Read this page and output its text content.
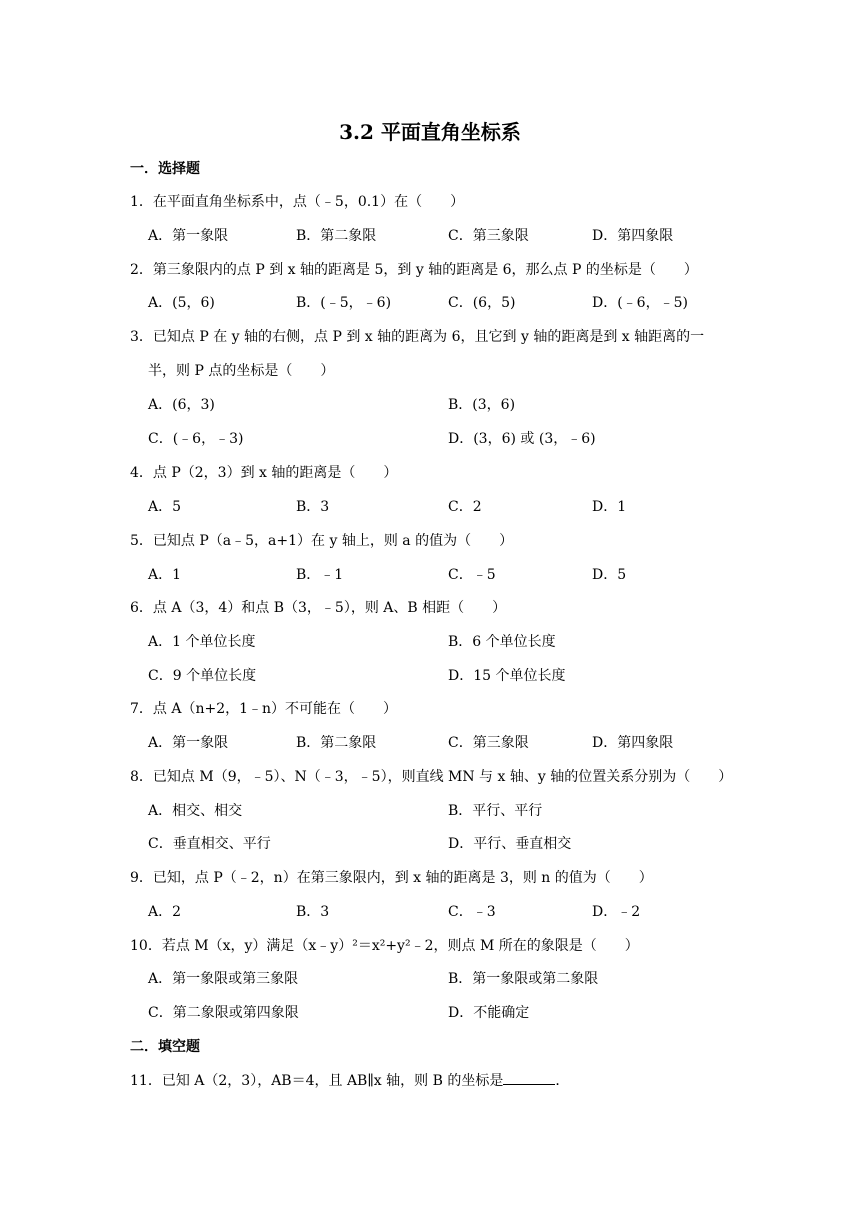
3.2 平面直角坐标系
一．选择题
1．在平面直角坐标系中，点（﹣5，0.1）在（　　）
A．第一象限	B．第二象限	C．第三象限	D．第四象限
2．第三象限内的点 P 到 x 轴的距离是 5，到 y 轴的距离是 6，那么点 P 的坐标是（　　）
A．(5，6)	B．(﹣5，﹣6)	C．(6，5)	D．(﹣6，﹣5)
3．已知点 P 在 y 轴的右侧，点 P 到 x 轴的距离为 6，且它到 y 轴的距离是到 x 轴距离的一
半，则 P 点的坐标是（　　）
A．(6，3)	B．(3，6)
C．(﹣6，﹣3)	D．(3，6) 或 (3，﹣6)
4．点 P（2，3）到 x 轴的距离是（　　）
A．5	B．3	C．2	D．1
5．已知点 P（a﹣5，a+1）在 y 轴上，则 a 的值为（　　）
A．1	B．﹣1	C．﹣5	D．5
6．点 A（3，4）和点 B（3，﹣5），则 A、B 相距（　　）
A．1 个单位长度	B．6 个单位长度
C．9 个单位长度	D．15 个单位长度
7．点 A（n+2，1﹣n）不可能在（　　）
A．第一象限	B．第二象限	C．第三象限	D．第四象限
8．已知点 M（9，﹣5）、N（﹣3，﹣5），则直线 MN 与 x 轴、y 轴的位置关系分别为（　　）
A．相交、相交	B．平行、平行
C．垂直相交、平行	D．平行、垂直相交
9．已知，点 P（﹣2，n）在第三象限内，到 x 轴的距离是 3，则 n 的值为（　　）
A．2	B．3	C．﹣3	D．﹣2
10．若点 M（x，y）满足（x﹣y）²＝x²+y²﹣2，则点 M 所在的象限是（　　）
A．第一象限或第三象限	B．第一象限或第二象限
C．第二象限或第四象限	D．不能确定
二．填空题
11．已知 A（2，3），AB＝4，且 AB∥x 轴，则 B 的坐标是	．
